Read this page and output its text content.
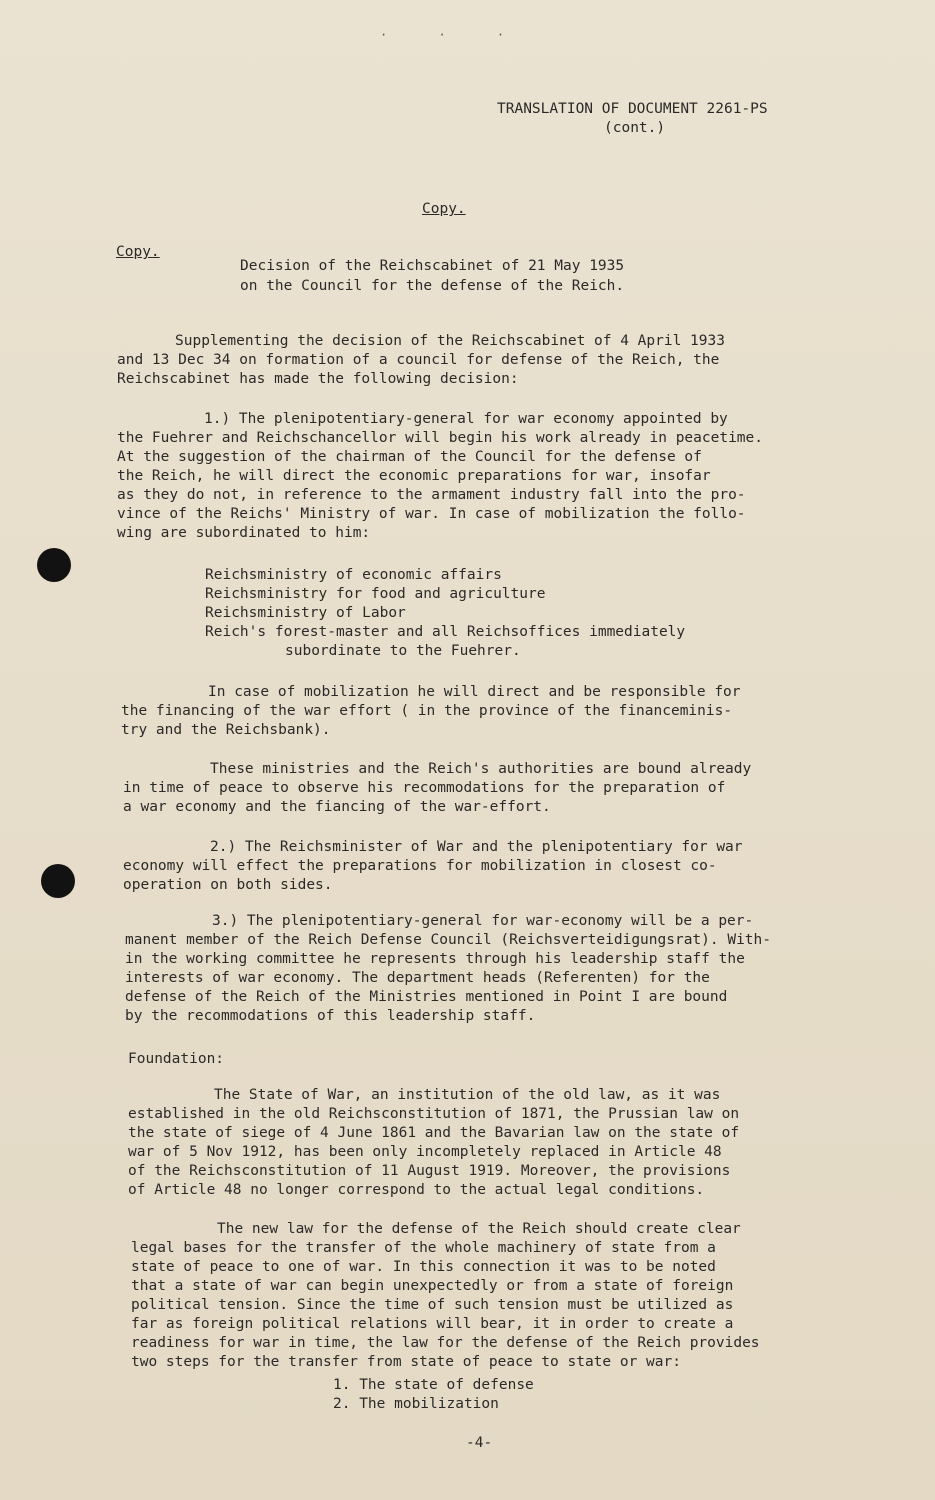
· · ·
TRANSLATION OF DOCUMENT 2261-PS
(cont.)
Copy.
Copy.
Decision of the Reichscabinet of 21 May 1935
on the Council for the defense of the Reich.
Supplementing the decision of the Reichscabinet of 4 April 1933
and 13 Dec 34 on formation of a council for defense of the Reich, the
Reichscabinet has made the following decision:
1.) The plenipotentiary-general for war economy appointed by
the Fuehrer and Reichschancellor will begin his work already in peacetime.
At the suggestion of the chairman of the Council for the defense of
the Reich, he will direct the economic preparations for war, insofar
as they do not, in reference to the armament industry fall into the pro-
vince of the Reichs' Ministry of war. In case of mobilization the follo-
wing are subordinated to him:
Reichsministry of economic affairs
Reichsministry for food and agriculture
Reichsministry of Labor
Reich's forest-master and all Reichsoffices immediately
subordinate to the Fuehrer.
In case of mobilization he will direct and be responsible for
the financing of the war effort ( in the province of the financeminis-
try and the Reichsbank).
These ministries and the Reich's authorities are bound already
in time of peace to observe his recommodations for the preparation of
a war economy and the fiancing of the war-effort.
2.) The Reichsminister of War and the plenipotentiary for war
economy will effect the preparations for mobilization in closest co-
operation on both sides.
3.) The plenipotentiary-general for war-economy will be a per-
manent member of the Reich Defense Council (Reichsverteidigungsrat). With-
in the working committee he represents through his leadership staff the
interests of war economy. The department heads (Referenten) for the
defense of the Reich of the Ministries mentioned in Point I are bound
by the recommodations of this leadership staff.
Foundation:
The State of War, an institution of the old law, as it was
established in the old Reichsconstitution of 1871, the Prussian law on
the state of siege of 4 June 1861 and the Bavarian law on the state of
war of 5 Nov 1912, has been only incompletely replaced in Article 48
of the Reichsconstitution of 11 August 1919. Moreover, the provisions
of Article 48 no longer correspond to the actual legal conditions.
The new law for the defense of the Reich should create clear
legal bases for the transfer of the whole machinery of state from a
state of peace to one of war. In this connection it was to be noted
that a state of war can begin unexpectedly or from a state of foreign
political tension. Since the time of such tension must be utilized as
far as foreign political relations will bear, it in order to create a
readiness for war in time, the law for the defense of the Reich provides
two steps for the transfer from state of peace to state or war:
1. The state of defense
2. The mobilization
-4-
